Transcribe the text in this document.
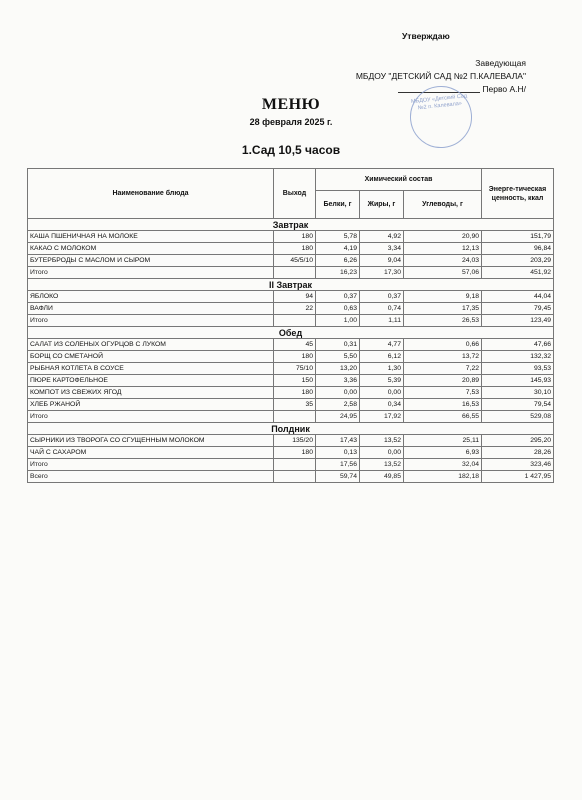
Утверждаю
Заведующая
МБДОУ "ДЕТСКИЙ САД №2 П.КАЛЕВАЛА"
Перво А.Н/
МБДОУ «Детский Сад №2 п. Калевала»
МЕНЮ
28 февраля 2025 г.
1.Сад 10,5 часов
Наименование блюда	Выход	Химический состав			Энерге-тическая ценность, ккал
		Белки, г	Жиры, г	Углеводы, г	
Завтрак					
КАША ПШЕНИЧНАЯ НА МОЛОКЕ	180	5,78	4,92	20,90	151,79
КАКАО С МОЛОКОМ	180	4,19	3,34	12,13	96,84
БУТЕРБРОДЫ С МАСЛОМ И СЫРОМ	45/5/10	6,26	9,04	24,03	203,29
Итого		16,23	17,30	57,06	451,92
II Завтрак					
ЯБЛОКО	94	0,37	0,37	9,18	44,04
ВАФЛИ	22	0,63	0,74	17,35	79,45
Итого		1,00	1,11	26,53	123,49
Обед					
САЛАТ ИЗ СОЛЕНЫХ ОГУРЦОВ С ЛУКОМ	45	0,31	4,77	0,66	47,66
БОРЩ СО СМЕТАНОЙ	180	5,50	6,12	13,72	132,32
РЫБНАЯ КОТЛЕТА В СОУСЕ	75/10	13,20	1,30	7,22	93,53
ПЮРЕ КАРТОФЕЛЬНОЕ	150	3,36	5,39	20,89	145,93
КОМПОТ ИЗ СВЕЖИХ ЯГОД	180	0,00	0,00	7,53	30,10
ХЛЕБ РЖАНОЙ	35	2,58	0,34	16,53	79,54
Итого		24,95	17,92	66,55	529,08
Полдник					
СЫРНИКИ ИЗ ТВОРОГА СО СГУЩЕННЫМ МОЛОКОМ	135/20	17,43	13,52	25,11	295,20
ЧАЙ С САХАРОМ	180	0,13	0,00	6,93	28,26
Итого		17,56	13,52	32,04	323,46
Всего		59,74	49,85	182,18	1 427,95
